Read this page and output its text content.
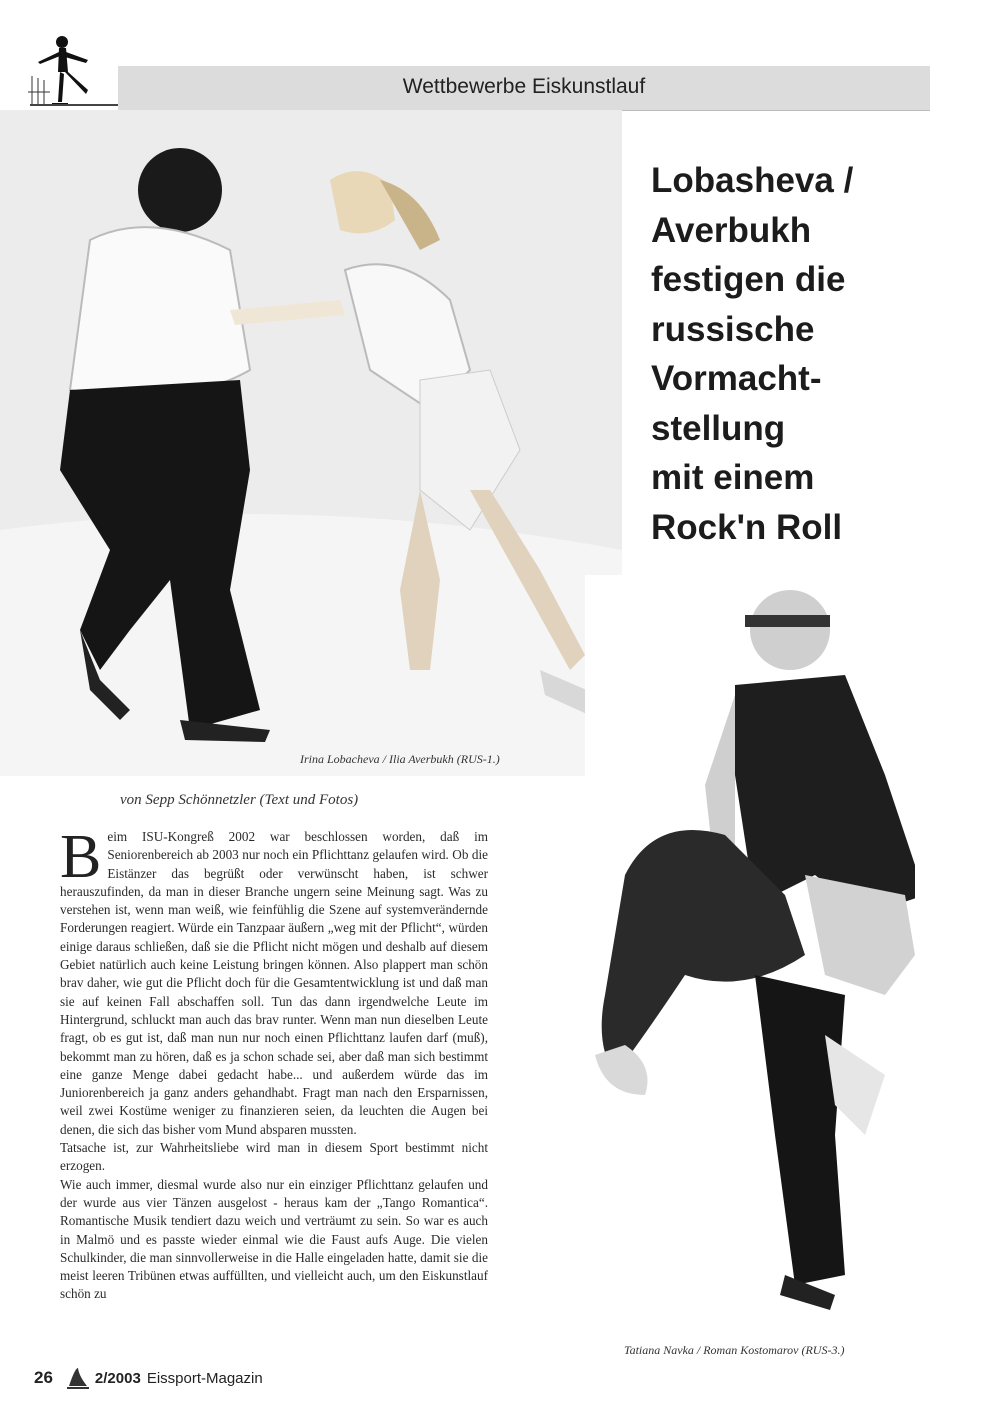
Wettbewerbe Eiskunstlauf
Irina Lobacheva / Ilia Averbukh (RUS-1.)
Lobasheva /
Averbukh
festigen die
russische
Vormacht-
stellung
mit einem
Rock'n Roll
von Sepp Schönnetzler (Text und Fotos)

Beim ISU-Kongreß 2002 war beschlossen worden, daß im Seniorenbereich ab 2003 nur noch ein Pflichttanz gelaufen wird. Ob die Eistänzer das begrüßt oder verwünscht haben, ist schwer herauszufinden, da man in dieser Branche ungern seine Meinung sagt. Was zu verstehen ist, wenn man weiß, wie feinfühlig die Szene auf systemverändernde Forderungen reagiert. Würde ein Tanzpaar äußern „weg mit der Pflicht“, würden einige daraus schließen, daß sie die Pflicht nicht mögen und deshalb auf diesem Gebiet natürlich auch keine Leistung bringen können. Also plappert man schön brav daher, wie gut die Pflicht doch für die Gesamtentwicklung ist und daß man sie auf keinen Fall abschaffen soll. Tun das dann irgendwelche Leute im Hintergrund, schluckt man auch das brav runter. Wenn man nun dieselben Leute fragt, ob es gut ist, daß man nun nur noch einen Pflichttanz laufen darf (muß), bekommt man zu hören, daß es ja schon schade sei, aber daß man sich bestimmt eine ganze Menge dabei gedacht habe... und außerdem würde das im Juniorenbereich ja ganz anders gehandhabt. Fragt man nach den Ersparnissen, weil zwei Kostüme weniger zu finanzieren seien, da leuchten die Augen bei denen, die sich das bisher vom Mund absparen mussten.

Tatsache ist, zur Wahrheitsliebe wird man in diesem Sport bestimmt nicht erzogen.

Wie auch immer, diesmal wurde also nur ein einziger Pflichttanz gelaufen und der wurde aus vier Tänzen ausgelost - heraus kam der „Tango Romantica“. Romantische Musik tendiert dazu weich und verträumt zu sein. So war es auch in Malmö und es passte wieder einmal wie die Faust aufs Auge. Die vielen Schulkinder, die man sinnvollerweise in die Halle eingeladen hatte, damit sie die meist leeren Tribünen etwas auffüllten, und vielleicht auch, um den Eiskunstlauf schön zu

Tatiana Navka / Roman Kostomarov (RUS-3.)
26	2/2003 Eissport-Magazin
